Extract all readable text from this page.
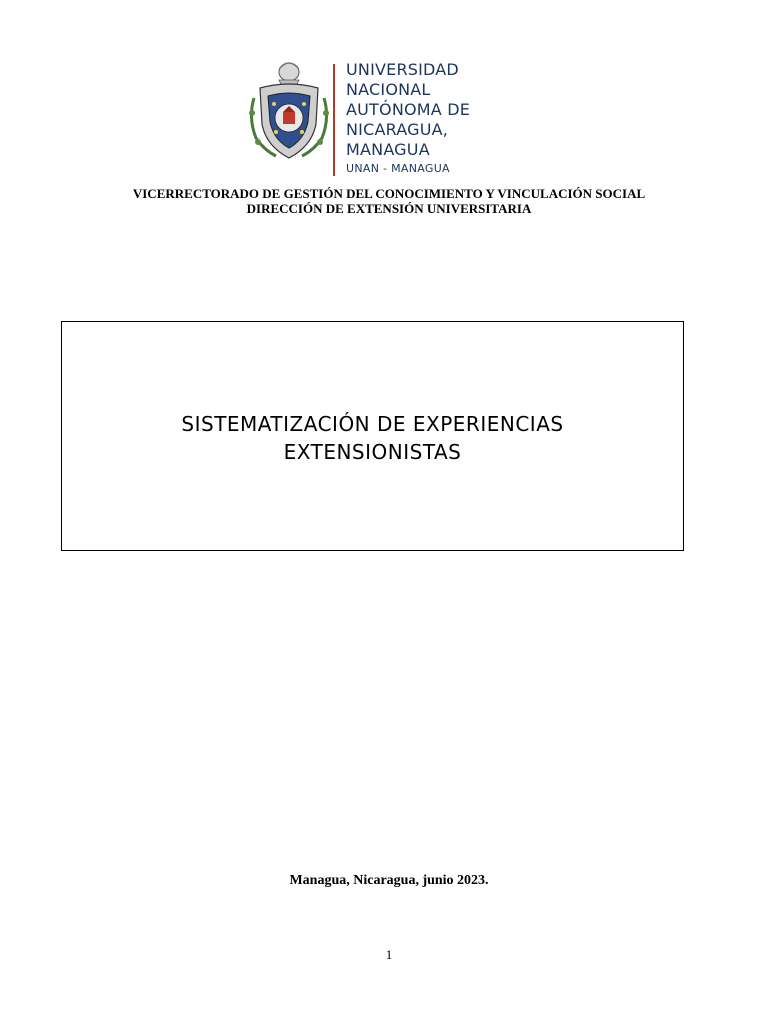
UNIVERSIDAD
NACIONAL
AUTÓNOMA DE
NICARAGUA,
MANAGUA
UNAN - MANAGUA
VICERRECTORADO DE GESTIÓN DEL CONOCIMIENTO Y VINCULACIÓN SOCIAL
DIRECCIÓN DE EXTENSIÓN UNIVERSITARIA
SISTEMATIZACIÓN DE EXPERIENCIAS
EXTENSIONISTAS
Managua, Nicaragua, junio 2023.
1
